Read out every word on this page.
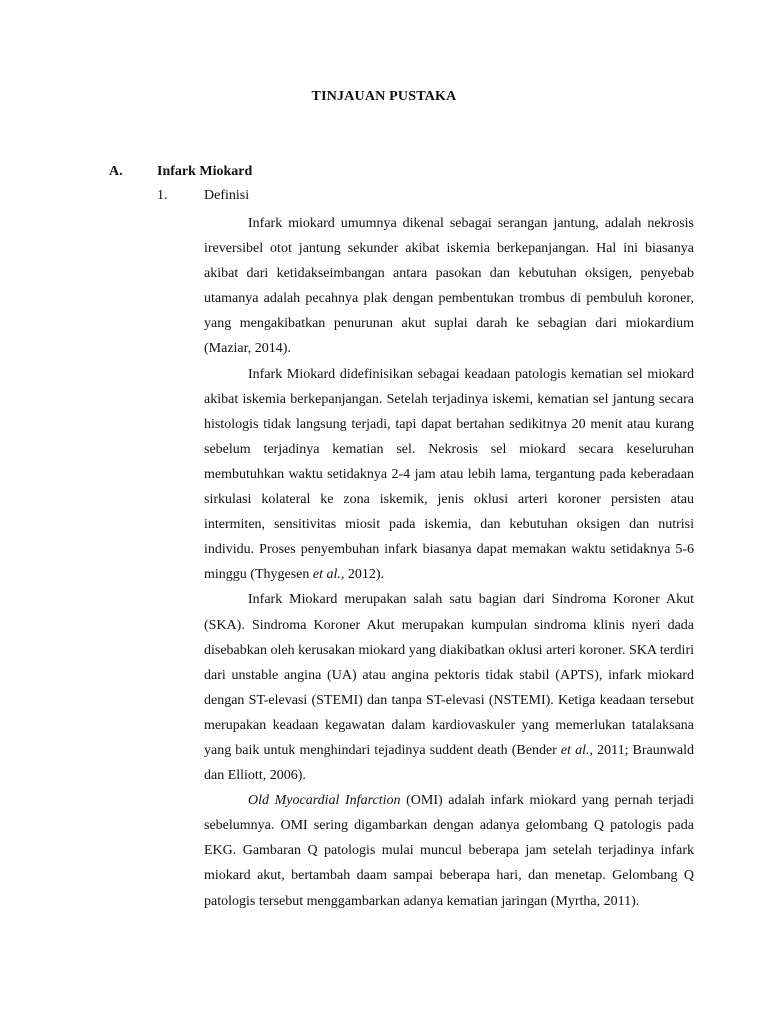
TINJAUAN PUSTAKA
A. Infark Miokard
1.	Definisi

Infark miokard umumnya dikenal sebagai serangan jantung, adalah nekrosis ireversibel otot jantung sekunder akibat iskemia berkepanjangan. Hal ini biasanya akibat dari ketidakseimbangan antara pasokan dan kebutuhan oksigen, penyebab utamanya adalah pecahnya plak dengan pembentukan trombus di pembuluh koroner, yang mengakibatkan penurunan akut suplai darah ke sebagian dari miokardium (Maziar, 2014).

Infark Miokard didefinisikan sebagai keadaan patologis kematian sel miokard akibat iskemia berkepanjangan. Setelah terjadinya iskemi, kematian sel jantung secara histologis tidak langsung terjadi, tapi dapat bertahan sedikitnya 20 menit atau kurang sebelum terjadinya kematian sel. Nekrosis sel miokard secara keseluruhan membutuhkan waktu setidaknya 2-4 jam atau lebih lama, tergantung pada keberadaan sirkulasi kolateral ke zona iskemik, jenis oklusi arteri koroner persisten atau intermiten, sensitivitas miosit pada iskemia, dan kebutuhan oksigen dan nutrisi individu. Proses penyembuhan infark biasanya dapat memakan waktu setidaknya 5-6 minggu (Thygesen et al., 2012).

Infark Miokard merupakan salah satu bagian dari Sindroma Koroner Akut (SKA). Sindroma Koroner Akut merupakan kumpulan sindroma klinis nyeri dada disebabkan oleh kerusakan miokard yang diakibatkan oklusi arteri koroner. SKA terdiri dari unstable angina (UA) atau angina pektoris tidak stabil (APTS), infark miokard dengan ST-elevasi (STEMI) dan tanpa ST-elevasi (NSTEMI). Ketiga keadaan tersebut merupakan keadaan kegawatan dalam kardiovaskuler yang memerlukan tatalaksana yang baik untuk menghindari tejadinya suddent death (Bender et al., 2011; Braunwald dan Elliott, 2006).

Old Myocardial Infarction (OMI) adalah infark miokard yang pernah terjadi sebelumnya. OMI sering digambarkan dengan adanya gelombang Q patologis pada EKG. Gambaran Q patologis mulai muncul beberapa jam setelah terjadinya infark miokard akut, bertambah daam sampai beberapa hari, dan menetap. Gelombang Q patologis tersebut menggambarkan adanya kematian jaringan (Myrtha, 2011).
